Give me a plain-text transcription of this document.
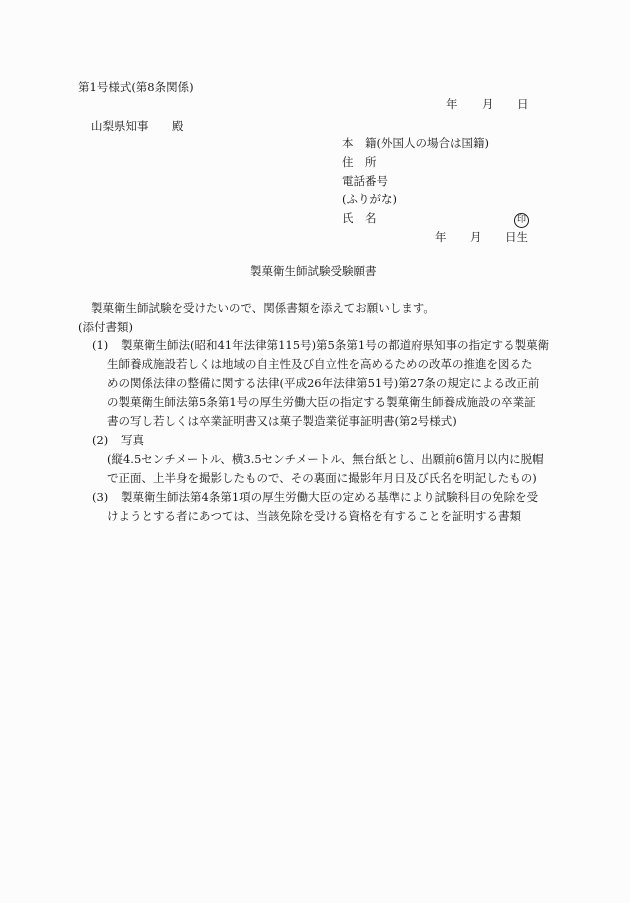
第1号様式(第8条関係)
年 月 日
山梨県知事 殿
本　籍(外国人の場合は国籍)
住　所
電話番号
(ふりがな)
氏　名	印
年 月 日生
製菓衛生師試験受験願書
製菓衛生師試験を受けたいので、関係書類を添えてお願いします。
(添付書類)
(1) 製菓衛生師法(昭和41年法律第115号)第5条第1号の都道府県知事の指定する製菓衛
生師養成施設若しくは地域の自主性及び自立性を高めるための改革の推進を図るた
めの関係法律の整備に関する法律(平成26年法律第51号)第27条の規定による改正前
の製菓衛生師法第5条第1号の厚生労働大臣の指定する製菓衛生師養成施設の卒業証
書の写し若しくは卒業証明書又は菓子製造業従事証明書(第2号様式)
(2) 写真
(縦4.5センチメートル、横3.5センチメートル、無台紙とし、出願前6箇月以内に脱帽
で正面、上半身を撮影したもので、その裏面に撮影年月日及び氏名を明記したもの)
(3) 製菓衛生師法第4条第1項の厚生労働大臣の定める基準により試験科目の免除を受
けようとする者にあつては、当該免除を受ける資格を有することを証明する書類
